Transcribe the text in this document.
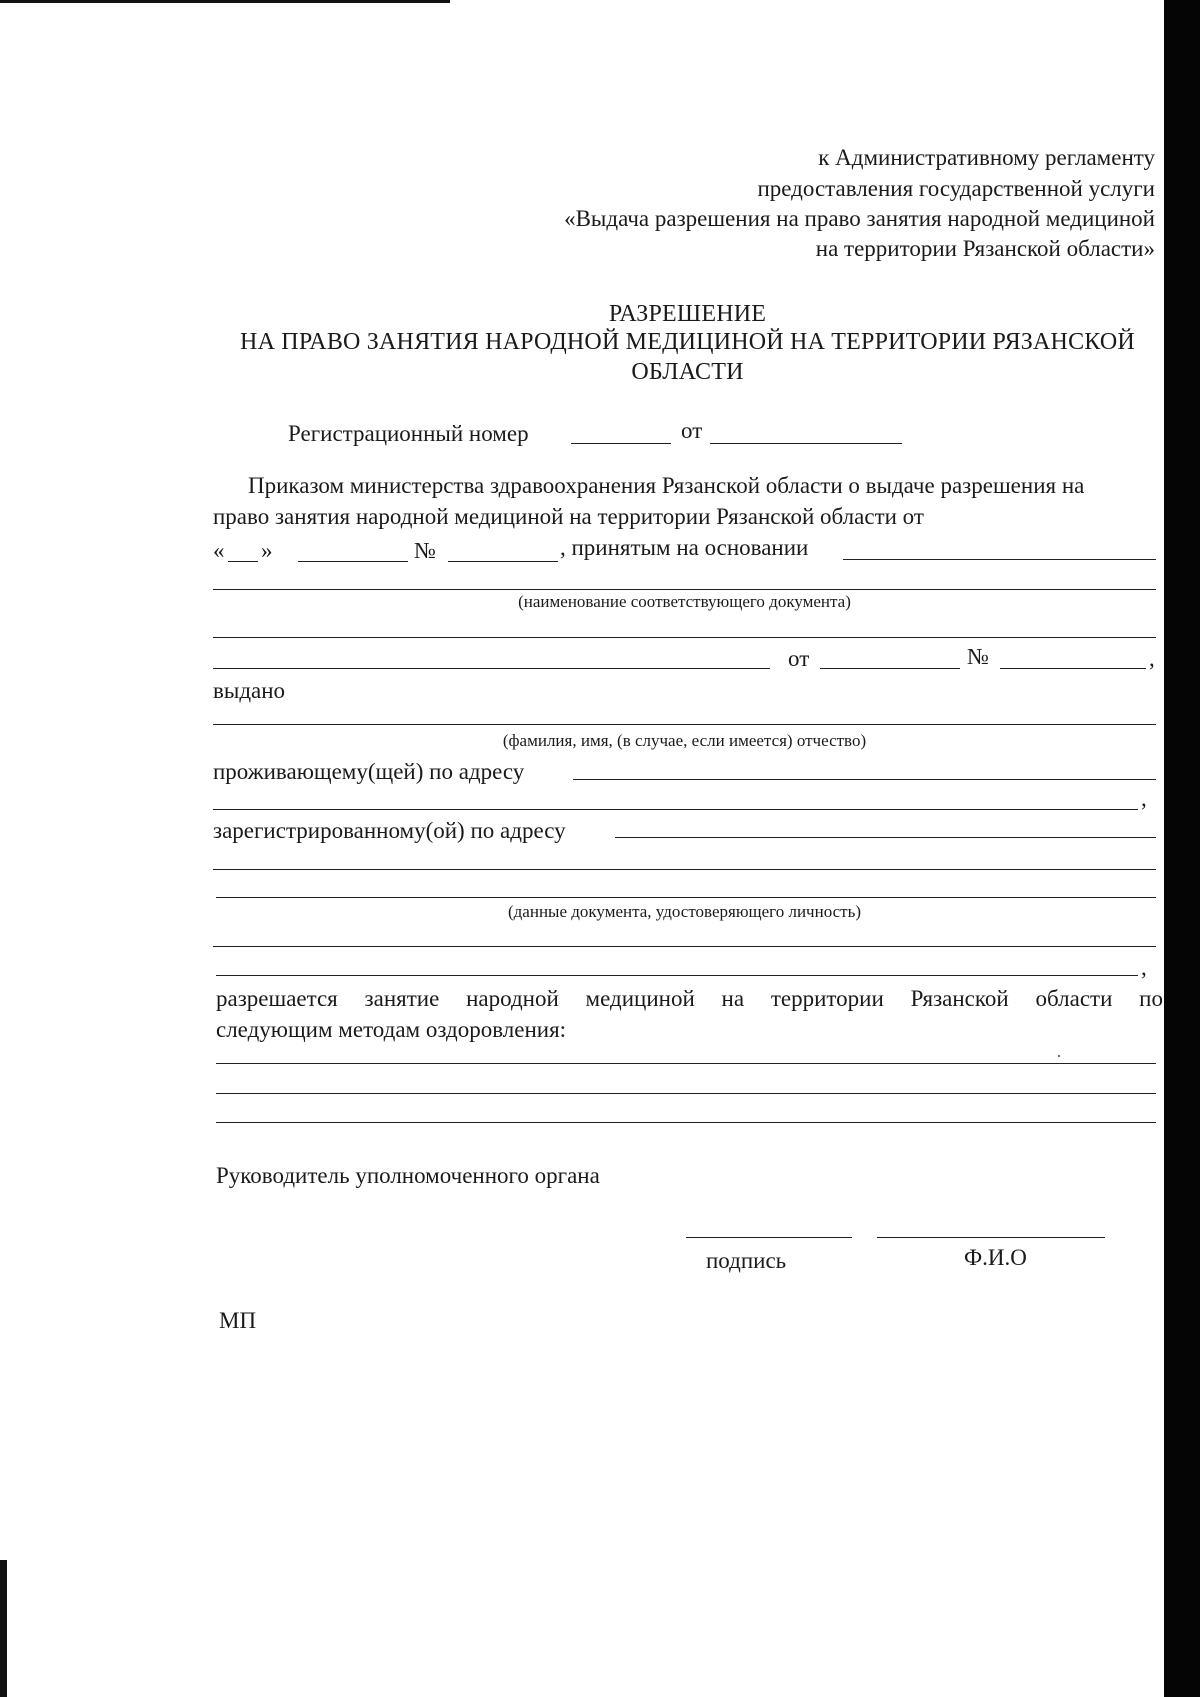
к Административному регламенту
предоставления государственной услуги
«Выдача разрешения на право занятия народной медициной
на территории Рязанской области»
РАЗРЕШЕНИЕ
НА ПРАВО ЗАНЯТИЯ НАРОДНОЙ МЕДИЦИНОЙ НА ТЕРРИТОРИИ РЯЗАНСКОЙ
ОБЛАСТИ
Регистрационный номер	от
Приказом министерства здравоохранения Рязанской области о выдаче разрешения на
право занятия народной медициной на территории Рязанской области от
« »	№	, принятым на основании
(наименование соответствующего документа)
от	№	,
выдано
(фамилия, имя, (в случае, если имеется) отчество)
проживающему(щей) по адресу
,
зарегистрированному(ой) по адресу
(данные документа, удостоверяющего личность)
,
разрешается занятие народной медициной на территории Рязанской области по
следующим методам оздоровления:
Руководитель уполномоченного органа
подпись	Ф.И.О
МП
